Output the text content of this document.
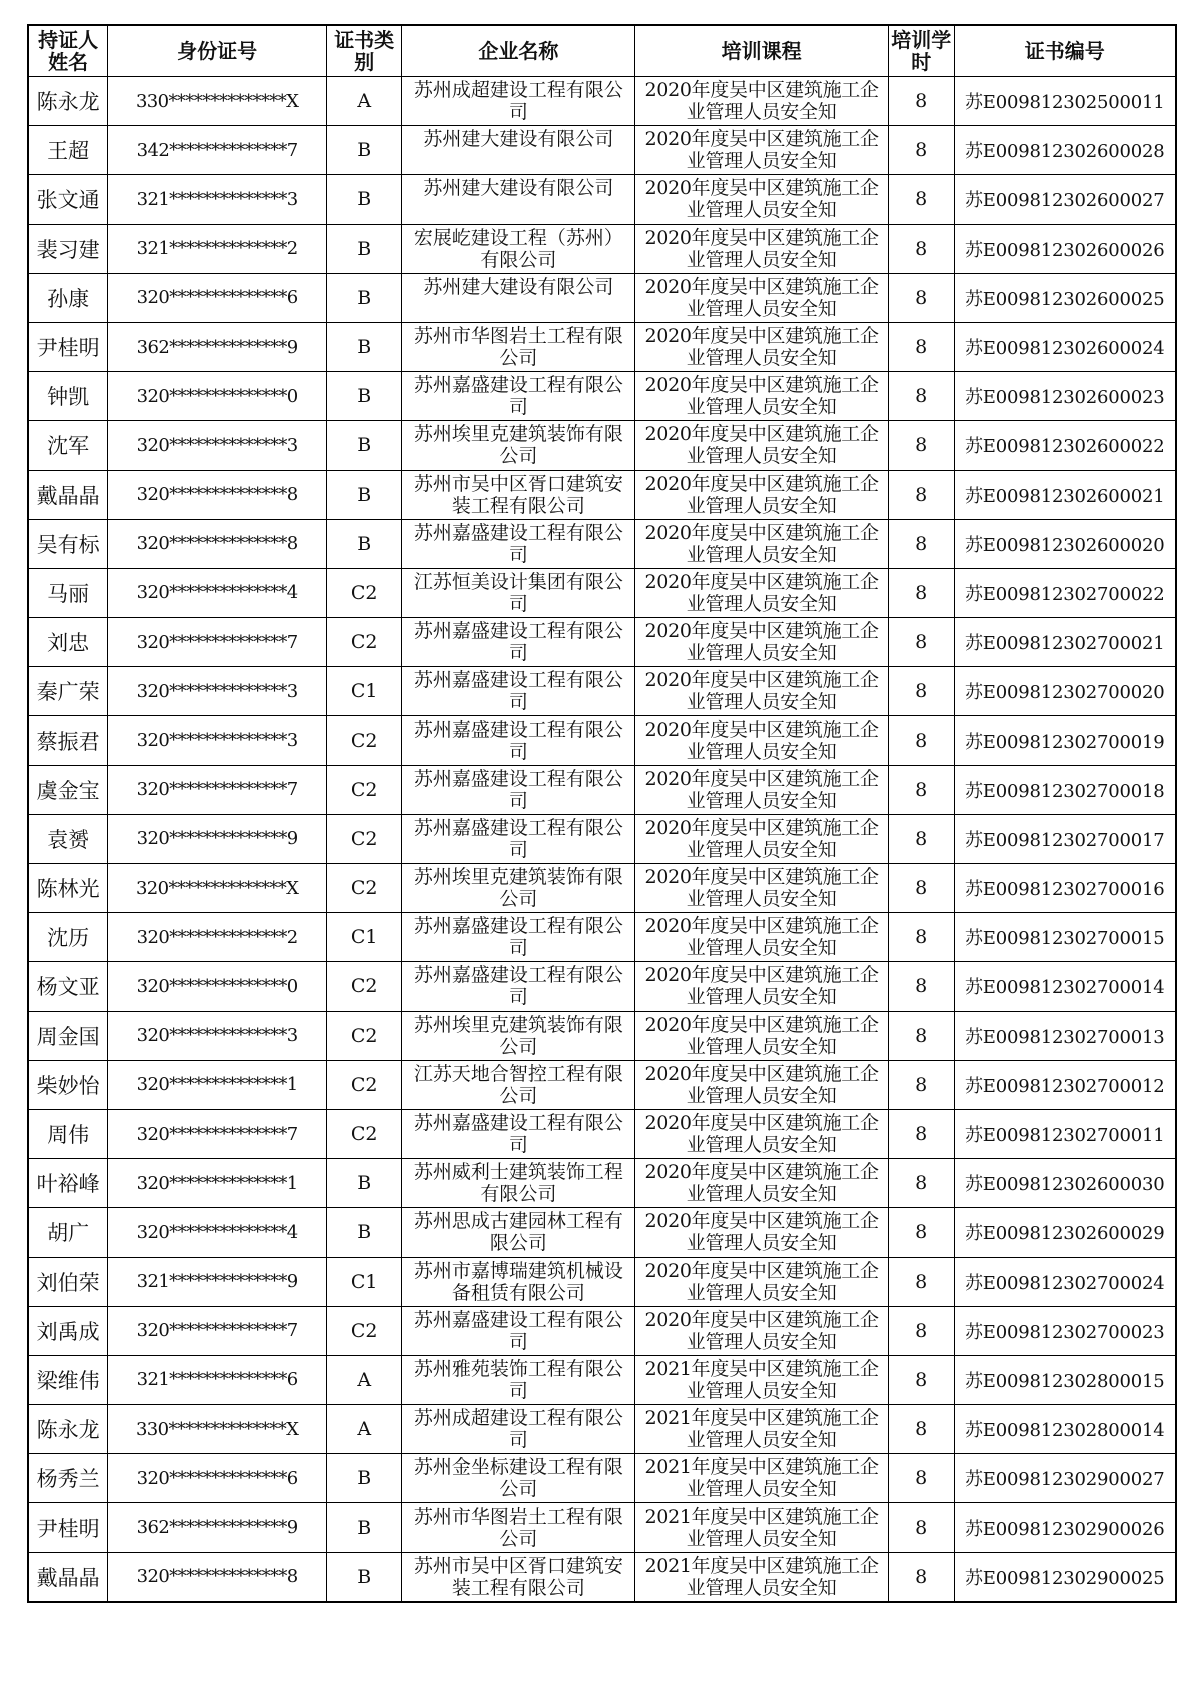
持证人姓名	身份证号	证书类别	企业名称	培训课程	培训学时	证书编号
陈永龙	330**************X	A	苏州成超建设工程有限公司	2020年度吴中区建筑施工企业管理人员安全知	8	苏E009812302500011
王超	342**************7	B	苏州建大建设有限公司	2020年度吴中区建筑施工企业管理人员安全知	8	苏E009812302600028
张文通	321**************3	B	苏州建大建设有限公司	2020年度吴中区建筑施工企业管理人员安全知	8	苏E009812302600027
裴习建	321**************2	B	宏展屹建设工程（苏州）有限公司	2020年度吴中区建筑施工企业管理人员安全知	8	苏E009812302600026
孙康	320**************6	B	苏州建大建设有限公司	2020年度吴中区建筑施工企业管理人员安全知	8	苏E009812302600025
尹桂明	362**************9	B	苏州市华图岩土工程有限公司	2020年度吴中区建筑施工企业管理人员安全知	8	苏E009812302600024
钟凯	320**************0	B	苏州嘉盛建设工程有限公司	2020年度吴中区建筑施工企业管理人员安全知	8	苏E009812302600023
沈军	320**************3	B	苏州埃里克建筑装饰有限公司	2020年度吴中区建筑施工企业管理人员安全知	8	苏E009812302600022
戴晶晶	320**************8	B	苏州市吴中区胥口建筑安装工程有限公司	2020年度吴中区建筑施工企业管理人员安全知	8	苏E009812302600021
吴有标	320**************8	B	苏州嘉盛建设工程有限公司	2020年度吴中区建筑施工企业管理人员安全知	8	苏E009812302600020
马丽	320**************4	C2	江苏恒美设计集团有限公司	2020年度吴中区建筑施工企业管理人员安全知	8	苏E009812302700022
刘忠	320**************7	C2	苏州嘉盛建设工程有限公司	2020年度吴中区建筑施工企业管理人员安全知	8	苏E009812302700021
秦广荣	320**************3	C1	苏州嘉盛建设工程有限公司	2020年度吴中区建筑施工企业管理人员安全知	8	苏E009812302700020
蔡振君	320**************3	C2	苏州嘉盛建设工程有限公司	2020年度吴中区建筑施工企业管理人员安全知	8	苏E009812302700019
虞金宝	320**************7	C2	苏州嘉盛建设工程有限公司	2020年度吴中区建筑施工企业管理人员安全知	8	苏E009812302700018
袁赟	320**************9	C2	苏州嘉盛建设工程有限公司	2020年度吴中区建筑施工企业管理人员安全知	8	苏E009812302700017
陈林光	320**************X	C2	苏州埃里克建筑装饰有限公司	2020年度吴中区建筑施工企业管理人员安全知	8	苏E009812302700016
沈历	320**************2	C1	苏州嘉盛建设工程有限公司	2020年度吴中区建筑施工企业管理人员安全知	8	苏E009812302700015
杨文亚	320**************0	C2	苏州嘉盛建设工程有限公司	2020年度吴中区建筑施工企业管理人员安全知	8	苏E009812302700014
周金国	320**************3	C2	苏州埃里克建筑装饰有限公司	2020年度吴中区建筑施工企业管理人员安全知	8	苏E009812302700013
柴妙怡	320**************1	C2	江苏天地合智控工程有限公司	2020年度吴中区建筑施工企业管理人员安全知	8	苏E009812302700012
周伟	320**************7	C2	苏州嘉盛建设工程有限公司	2020年度吴中区建筑施工企业管理人员安全知	8	苏E009812302700011
叶裕峰	320**************1	B	苏州威利士建筑装饰工程有限公司	2020年度吴中区建筑施工企业管理人员安全知	8	苏E009812302600030
胡广	320**************4	B	苏州思成古建园林工程有限公司	2020年度吴中区建筑施工企业管理人员安全知	8	苏E009812302600029
刘伯荣	321**************9	C1	苏州市嘉博瑞建筑机械设备租赁有限公司	2020年度吴中区建筑施工企业管理人员安全知	8	苏E009812302700024
刘禹成	320**************7	C2	苏州嘉盛建设工程有限公司	2020年度吴中区建筑施工企业管理人员安全知	8	苏E009812302700023
梁维伟	321**************6	A	苏州雅苑装饰工程有限公司	2021年度吴中区建筑施工企业管理人员安全知	8	苏E009812302800015
陈永龙	330**************X	A	苏州成超建设工程有限公司	2021年度吴中区建筑施工企业管理人员安全知	8	苏E009812302800014
杨秀兰	320**************6	B	苏州金坐标建设工程有限公司	2021年度吴中区建筑施工企业管理人员安全知	8	苏E009812302900027
尹桂明	362**************9	B	苏州市华图岩土工程有限公司	2021年度吴中区建筑施工企业管理人员安全知	8	苏E009812302900026
戴晶晶	320**************8	B	苏州市吴中区胥口建筑安装工程有限公司	2021年度吴中区建筑施工企业管理人员安全知	8	苏E009812302900025
